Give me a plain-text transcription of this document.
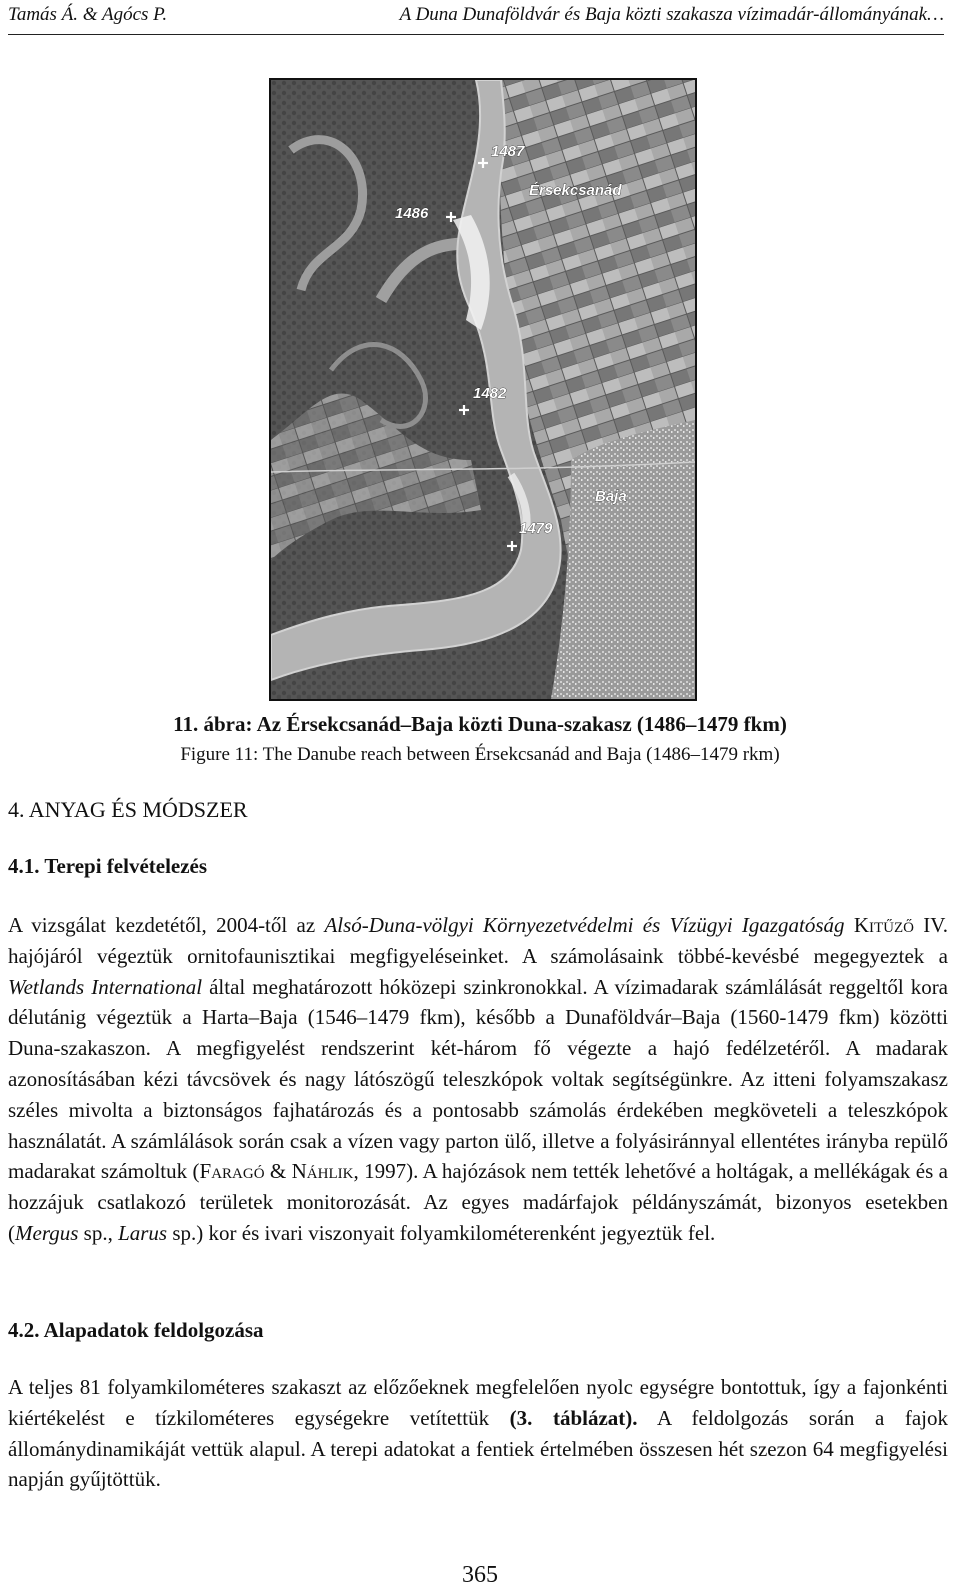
Tamás Á. & Agócs P.	A Duna Dunaföldvár és Baja közti szakasza vízimadár-állományának…
1487
Érsekcsanád
1486
1482
Baja
1479
11. ábra: Az Érsekcsanád–Baja közti Duna-szakasz (1486–1479 fkm)
Figure 11: The Danube reach between Érsekcsanád and Baja (1486–1479 rkm)
4. ANYAG ÉS MÓDSZER
4.1. Terepi felvételezés

A vizsgálat kezdetétől, 2004-től az Alsó-Duna-völgyi Környezetvédelmi és Vízügyi Igazgatóság Kitűző IV. hajójáról végeztük ornitofaunisztikai megfigyeléseinket. A számolásaink többé-kevésbé megegyeztek a Wetlands International által meghatározott hóközepi szinkronokkal. A vízimadarak számlálását reggeltől kora délutánig végeztük a Harta–Baja (1546–1479 fkm), később a Dunaföldvár–Baja (1560-1479 fkm) közötti Duna-szakaszon. A megfigyelést rendszerint két-három fő végezte a hajó fedélzetéről. A madarak azonosításában kézi távcsövek és nagy látószögű teleszkópok voltak segítségünkre. Az itteni folyamszakasz széles mivolta a biztonságos fajhatározás és a pontosabb számolás érdekében megköveteli a teleszkópok használatát. A számlálások során csak a vízen vagy parton ülő, illetve a folyásiránnyal ellentétes irányba repülő madarakat számoltuk (Faragó & Náhlik, 1997). A hajózások nem tették lehetővé a holtágak, a mellékágak és a hozzájuk csatlakozó területek monitorozását. Az egyes madárfajok példányszámát, bizonyos esetekben (Mergus sp., Larus sp.) kor és ivari viszonyait folyamkilométerenként jegyeztük fel.

4.2. Alapadatok feldolgozása

A teljes 81 folyamkilométeres szakaszt az előzőeknek megfelelően nyolc egységre bontottuk, így a fajonkénti kiértékelést e tízkilométeres egységekre vetítettük (3. táblázat). A feldolgozás során a fajok állománydinamikáját vettük alapul. A terepi adatokat a fentiek értelmében összesen hét szezon 64 megfigyelési napján gyűjtöttük.

365
